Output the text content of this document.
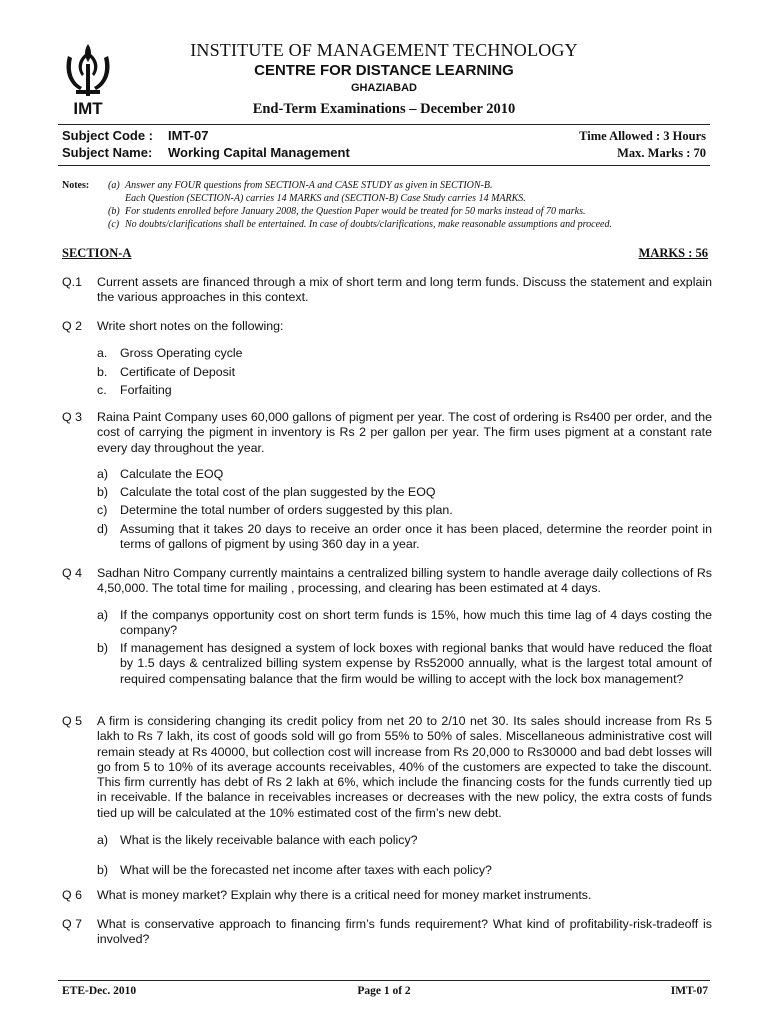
IMT
INSTITUTE OF MANAGEMENT TECHNOLOGY
CENTRE FOR DISTANCE LEARNING
GHAZIABAD
End-Term Examinations – December 2010
Subject Code : IMT-07
Subject Name: Working Capital Management
Time Allowed : 3 Hours
Max. Marks : 70
Notes: (a) Answer any FOUR questions from SECTION-A and CASE STUDY as given in SECTION-B.
Each Question (SECTION-A) carries 14 MARKS and (SECTION-B) Case Study carries 14 MARKS.
(b) For students enrolled before January 2008, the Question Paper would be treated for 50 marks instead of 70 marks.
(c) No doubts/clarifications shall be entertained. In case of doubts/clarifications, make reasonable assumptions and proceed.
SECTION-A	MARKS : 56
Q.1	Current assets are financed through a mix of short term and long term funds. Discuss the statement and explain the various approaches in this context.
Q 2	Write short notes on the following:
a. Gross Operating cycle
b. Certificate of Deposit
c. Forfaiting
Q 3	Raina Paint Company uses 60,000 gallons of pigment per year. The cost of ordering is Rs400 per order, and the cost of carrying the pigment in inventory is Rs 2 per gallon per year. The firm uses pigment at a constant rate every day throughout the year.
a) Calculate the EOQ
b) Calculate the total cost of the plan suggested by the EOQ
c) Determine the total number of orders suggested by this plan.
d) Assuming that it takes 20 days to receive an order once it has been placed, determine the reorder point in terms of gallons of pigment by using 360 day in a year.
Q 4	Sadhan Nitro Company currently maintains a centralized billing system to handle average daily collections of Rs 4,50,000. The total time for mailing , processing, and clearing has been estimated at 4 days.
a) If the companys opportunity cost on short term funds is 15%, how much this time lag of 4 days costing the company?
b) If management has designed a system of lock boxes with regional banks that would have reduced the float by 1.5 days & centralized billing system expense by Rs52000 annually, what is the largest total amount of required compensating balance that the firm would be willing to accept with the lock box management?
Q 5	A firm is considering changing its credit policy from net 20 to 2/10 net 30. Its sales should increase from Rs 5 lakh to Rs 7 lakh, its cost of goods sold will go from 55% to 50% of sales. Miscellaneous administrative cost will remain steady at Rs 40000, but collection cost will increase from Rs 20,000 to Rs30000 and bad debt losses will go from 5 to 10% of its average accounts receivables, 40% of the customers are expected to take the discount. This firm currently has debt of Rs 2 lakh at 6%, which include the financing costs for the funds currently tied up in receivable. If the balance in receivables increases or decreases with the new policy, the extra costs of funds tied up will be calculated at the 10% estimated cost of the firm’s new debt.
a) What is the likely receivable balance with each policy?
b) What will be the forecasted net income after taxes with each policy?
Q 6	What is money market? Explain why there is a critical need for money market instruments.
Q 7	What is conservative approach to financing firm’s funds requirement? What kind of profitability-risk-tradeoff is involved?
ETE-Dec. 2010	Page 1 of 2	IMT-07
